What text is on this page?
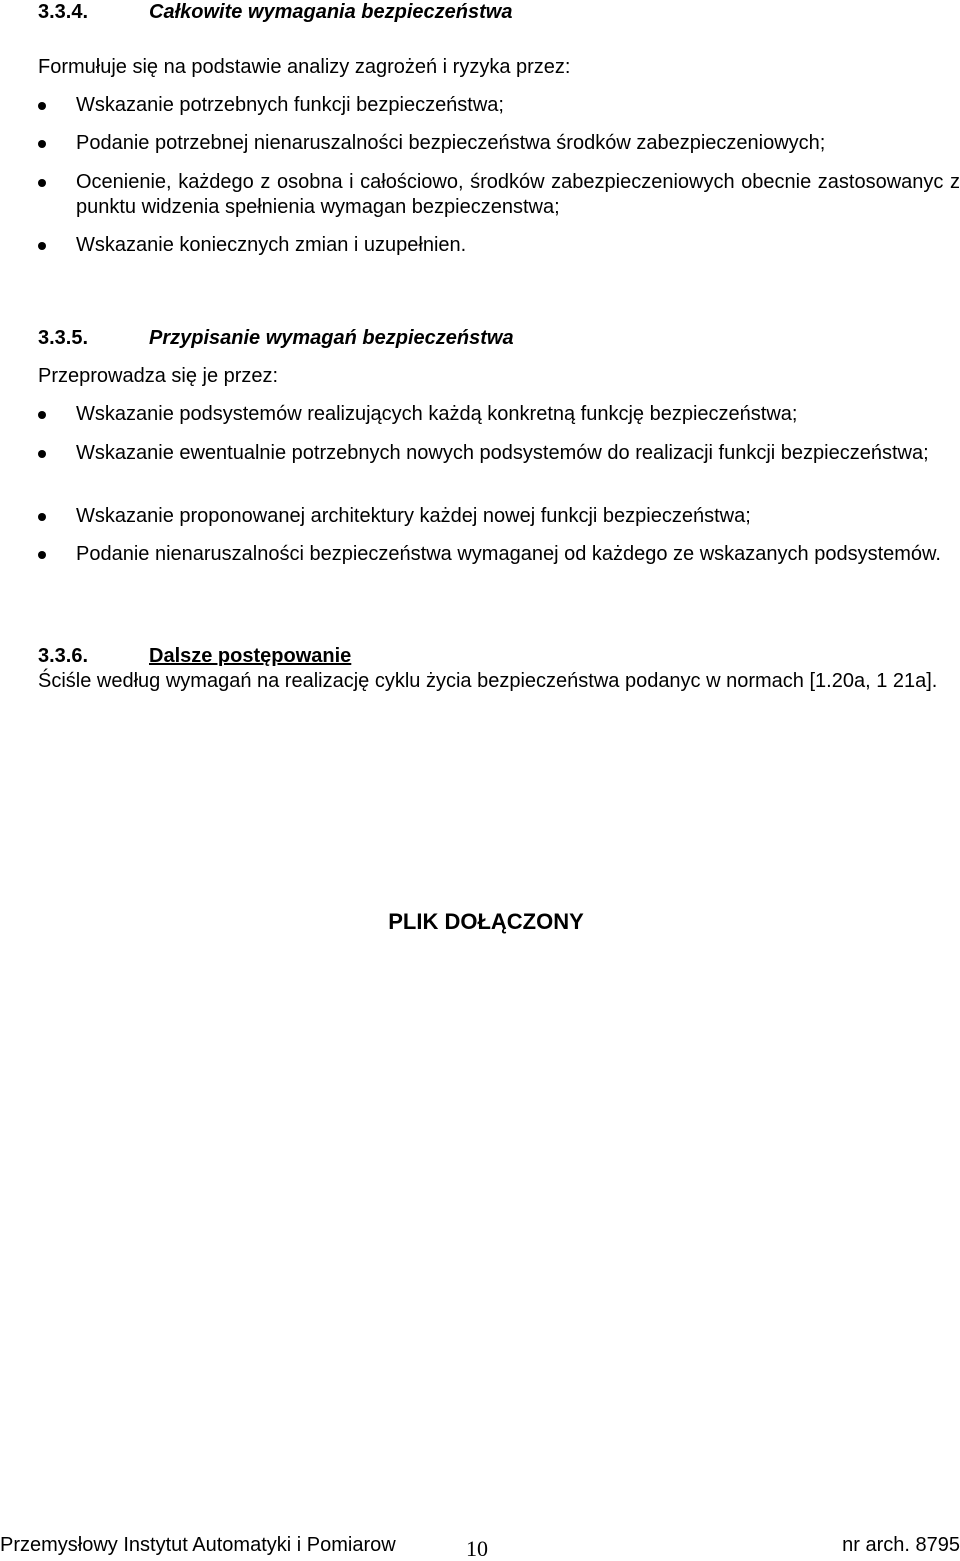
3.3.4.	Całkowite wymagania bezpieczeństwa
Formułuje się na podstawie analizy zagrożeń i ryzyka przez:
Wskazanie potrzebnych funkcji bezpieczeństwa;
Podanie potrzebnej nienaruszalności bezpieczeństwa środków zabezpieczeniowych;
Ocenienie, każdego z osobna i całościowo, środków zabezpieczeniowych obecnie zastosowanyc z punktu widzenia spełnienia wymagan bezpieczenstwa;
Wskazanie koniecznych zmian i uzupełnien.
3.3.5.	Przypisanie wymagań bezpieczeństwa
Przeprowadza się je przez:
Wskazanie podsystemów realizujących każdą konkretną funkcję bezpieczeństwa;
Wskazanie ewentualnie potrzebnych nowych podsystemów do realizacji funkcji bezpieczeństwa;
Wskazanie proponowanej architektury każdej nowej funkcji bezpieczeństwa;
Podanie nienaruszalności bezpieczeństwa wymaganej od każdego ze wskazanych podsystemów.
3.3.6.	Dalsze postępowanie
Ściśle według wymagań na realizację cyklu życia bezpieczeństwa podanyc w normach [1.20a, 1 21a].
PLIK DOŁĄCZONY
Przemysłowy Instytut Automatyki i Pomiarow	10	nr arch. 8795
